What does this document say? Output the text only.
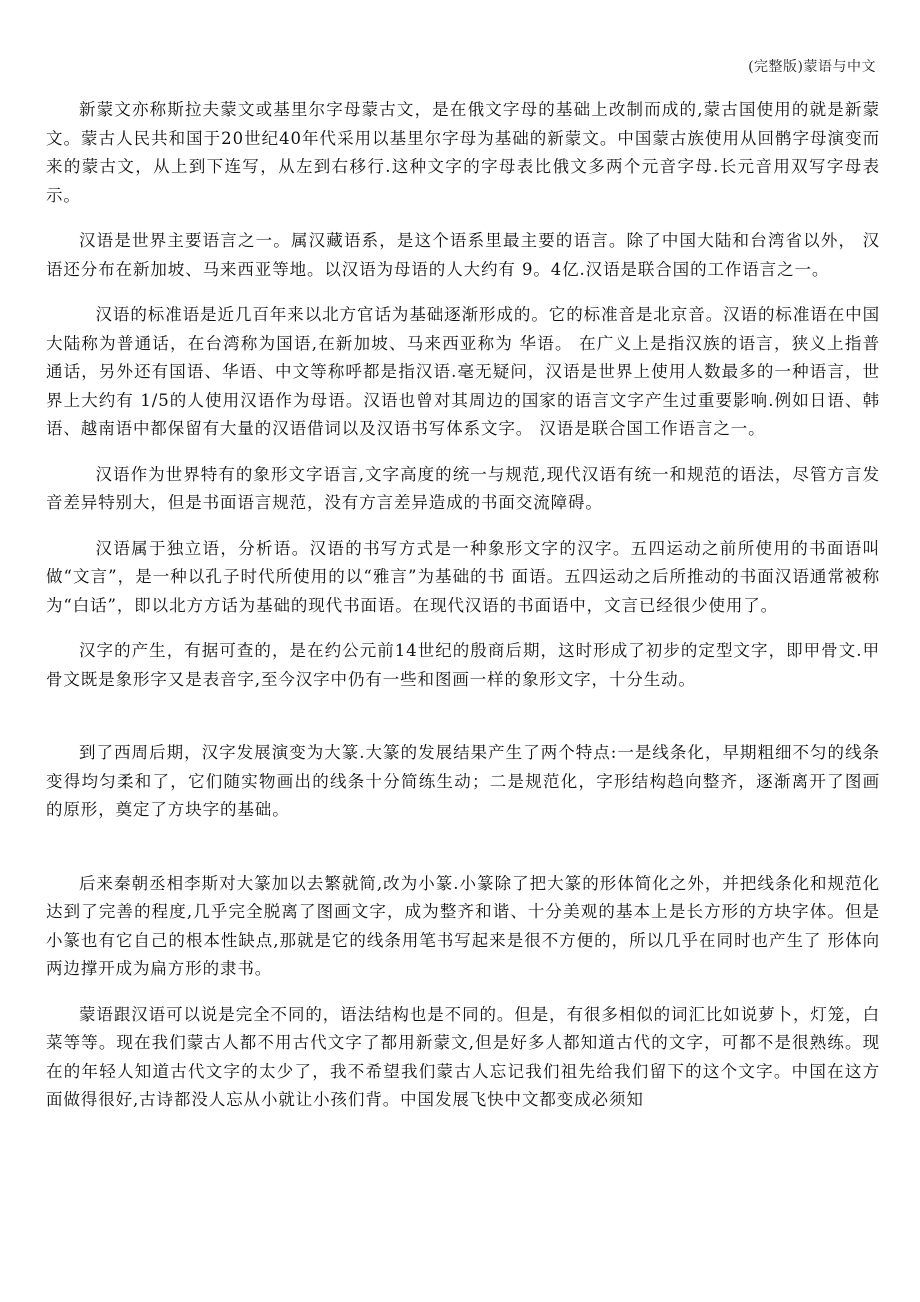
(完整版)蒙语与中文

新蒙文亦称斯拉夫蒙文或基里尔字母蒙古文，是在俄文字母的基础上改制而成的,蒙古国使用的就是新蒙文。蒙古人民共和国于20世纪40年代采用以基里尔字母为基础的新蒙文。中国蒙古族使用从回鹘字母演变而来的蒙古文，从上到下连写，从左到右移行.这种文字的字母表比俄文多两个元音字母.长元音用双写字母表示。

汉语是世界主要语言之一。属汉藏语系，是这个语系里最主要的语言。除了中国大陆和台湾省以外， 汉语还分布在新加坡、马来西亚等地。以汉语为母语的人大约有 9。4亿.汉语是联合国的工作语言之一。

汉语的标准语是近几百年来以北方官话为基础逐渐形成的。它的标准音是北京音。汉语的标准语在中国大陆称为普通话，在台湾称为国语,在新加坡、马来西亚称为 华语。 在广义上是指汉族的语言，狭义上指普通话，另外还有国语、华语、中文等称呼都是指汉语.毫无疑问，汉语是世界上使用人数最多的一种语言，世界上大约有 1/5的人使用汉语作为母语。汉语也曾对其周边的国家的语言文字产生过重要影响.例如日语、韩语、越南语中都保留有大量的汉语借词以及汉语书写体系文字。 汉语是联合国工作语言之一。

汉语作为世界特有的象形文字语言,文字高度的统一与规范,现代汉语有统一和规范的语法，尽管方言发音差异特别大，但是书面语言规范，没有方言差异造成的书面交流障碍。

汉语属于独立语，分析语。汉语的书写方式是一种象形文字的汉字。五四运动之前所使用的书面语叫做“文言”，是一种以孔子时代所使用的以“雅言”为基础的书 面语。五四运动之后所推动的书面汉语通常被称为“白话”，即以北方方话为基础的现代书面语。在现代汉语的书面语中，文言已经很少使用了。

汉字的产生，有据可查的，是在约公元前14世纪的殷商后期，这时形成了初步的定型文字，即甲骨文.甲骨文既是象形字又是表音字,至今汉字中仍有一些和图画一样的象形文字，十分生动。

到了西周后期，汉字发展演变为大篆.大篆的发展结果产生了两个特点:一是线条化，早期粗细不匀的线条变得均匀柔和了，它们随实物画出的线条十分简练生动；二是规范化，字形结构趋向整齐，逐渐离开了图画的原形，奠定了方块字的基础。

后来秦朝丞相李斯对大篆加以去繁就简,改为小篆.小篆除了把大篆的形体简化之外，并把线条化和规范化达到了完善的程度,几乎完全脱离了图画文字，成为整齐和谐、十分美观的基本上是长方形的方块字体。但是小篆也有它自己的根本性缺点,那就是它的线条用笔书写起来是很不方便的，所以几乎在同时也产生了 形体向两边撑开成为扁方形的隶书。

蒙语跟汉语可以说是完全不同的，语法结构也是不同的。但是，有很多相似的词汇比如说萝卜，灯笼，白菜等等。现在我们蒙古人都不用古代文字了都用新蒙文,但是好多人都知道古代的文字，可都不是很熟练。现在的年轻人知道古代文字的太少了，我不希望我们蒙古人忘记我们祖先给我们留下的这个文字。中国在这方面做得很好,古诗都没人忘从小就让小孩们背。中国发展飞快中文都变成必须知
